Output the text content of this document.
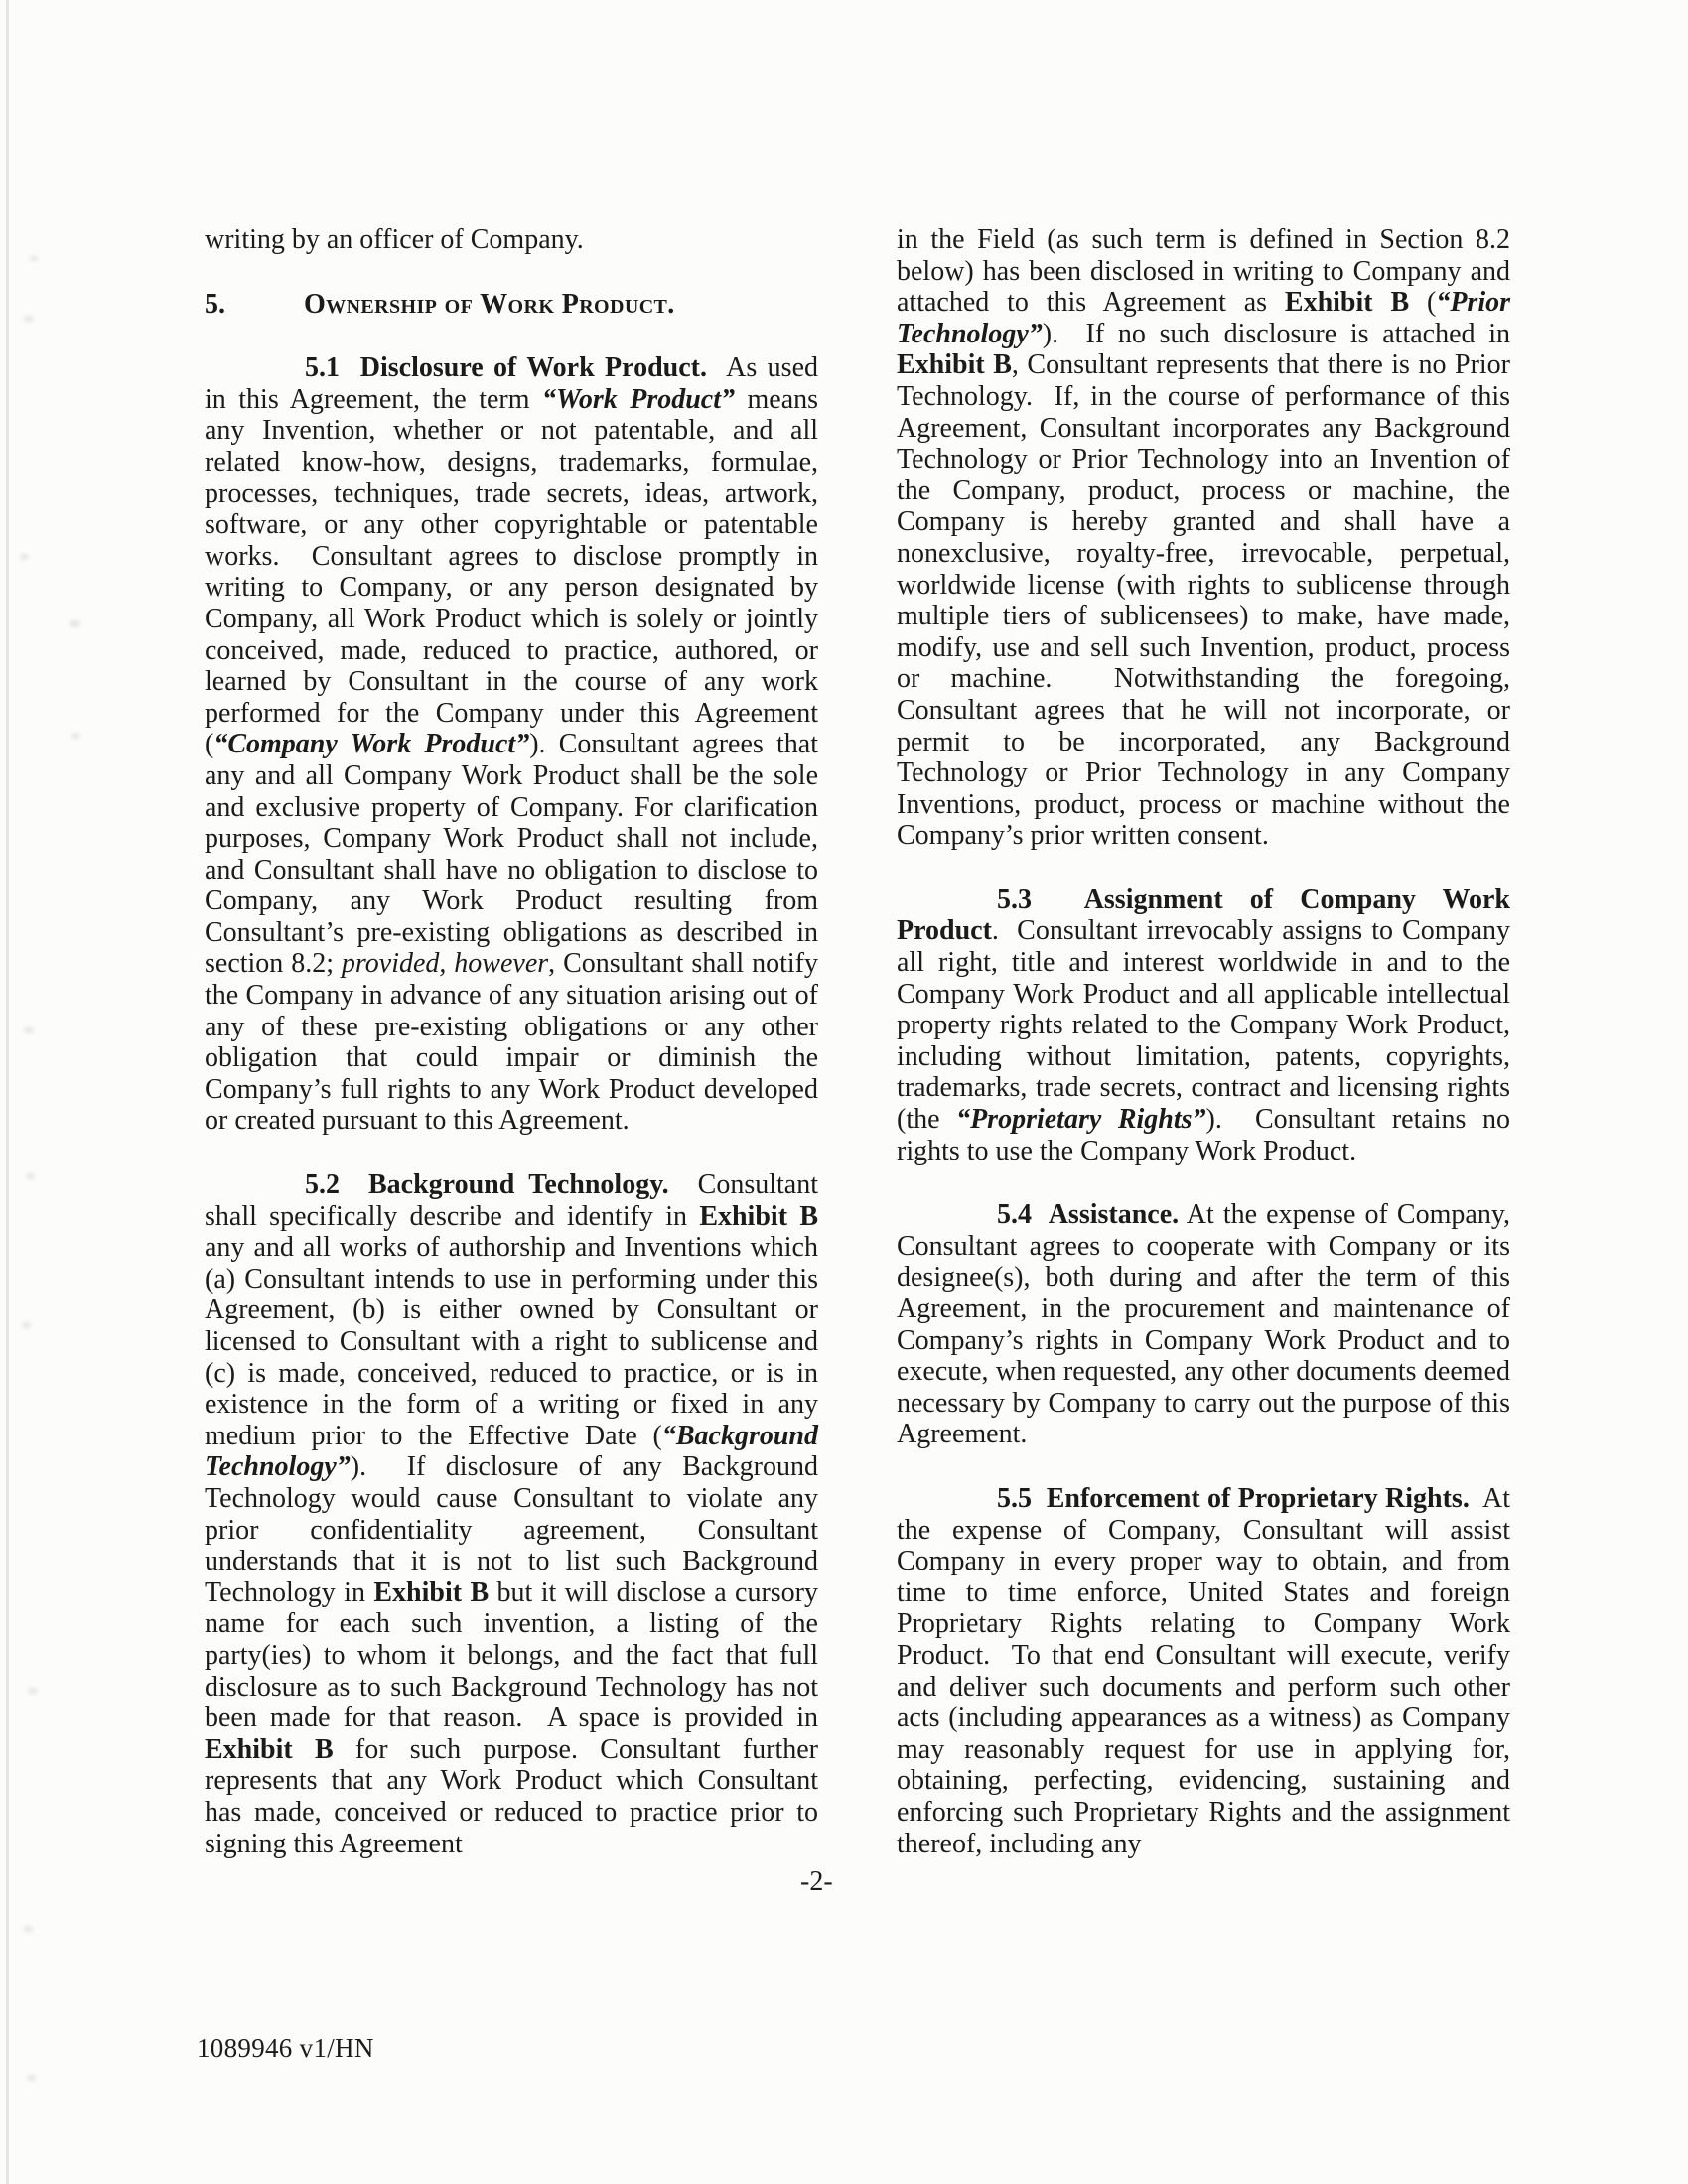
writing by an officer of Company.

5.	Ownership of Work Product.

5.1  Disclosure of Work Product.  As used in this Agreement, the term “Work Product” means any Invention, whether or not patentable, and all related know-how, designs, trademarks, formulae, processes, techniques, trade secrets, ideas, artwork, software, or any other copyrightable or patentable works.  Consultant agrees to disclose promptly in writing to Company, or any person designated by Company, all Work Product which is solely or jointly conceived, made, reduced to practice, authored, or learned by Consultant in the course of any work performed for the Company under this Agreement (“Company Work Product”). Consultant agrees that any and all Company Work Product shall be the sole and exclusive property of Company. For clarification purposes, Company Work Product shall not include, and Consultant shall have no obligation to disclose to Company, any Work Product resulting from Consultant’s pre-existing obligations as described in section 8.2; provided, however, Consultant shall notify the Company in advance of any situation arising out of any of these pre-existing obligations or any other obligation that could impair or diminish the Company’s full rights to any Work Product developed or created pursuant to this Agreement.

5.2  Background Technology.  Consultant shall specifically describe and identify in Exhibit B any and all works of authorship and Inventions which (a) Consultant intends to use in performing under this Agreement, (b) is either owned by Consultant or licensed to Consultant with a right to sublicense and (c) is made, conceived, reduced to practice, or is in existence in the form of a writing or fixed in any medium prior to the Effective Date (“Background Technology”).  If disclosure of any Background Technology would cause Consultant to violate any prior confidentiality agreement, Consultant understands that it is not to list such Background Technology in Exhibit B but it will disclose a cursory name for each such invention, a listing of the party(ies) to whom it belongs, and the fact that full disclosure as to such Background Technology has not been made for that reason.  A space is provided in Exhibit B for such purpose. Consultant further represents that any Work Product which Consultant has made, conceived or reduced to practice prior to signing this Agreement

in the Field (as such term is defined in Section 8.2 below) has been disclosed in writing to Company and attached to this Agreement as Exhibit B (“Prior Technology”).  If no such disclosure is attached in Exhibit B, Consultant represents that there is no Prior Technology.  If, in the course of performance of this Agreement, Consultant incorporates any Background Technology or Prior Technology into an Invention of the Company, product, process or machine, the Company is hereby granted and shall have a nonexclusive, royalty-free, irrevocable, perpetual, worldwide license (with rights to sublicense through multiple tiers of sublicensees) to make, have made, modify, use and sell such Invention, product, process or machine.  Notwithstanding the foregoing, Consultant agrees that he will not incorporate, or permit to be incorporated, any Background Technology or Prior Technology in any Company Inventions, product, process or machine without the Company’s prior written consent.

5.3  Assignment of Company Work Product.  Consultant irrevocably assigns to Company all right, title and interest worldwide in and to the Company Work Product and all applicable intellectual property rights related to the Company Work Product, including without limitation, patents, copyrights, trademarks, trade secrets, contract and licensing rights (the “Proprietary Rights”).  Consultant retains no rights to use the Company Work Product.

5.4  Assistance. At the expense of Company, Consultant agrees to cooperate with Company or its designee(s), both during and after the term of this Agreement, in the procurement and maintenance of Company’s rights in Company Work Product and to execute, when requested, any other documents deemed necessary by Company to carry out the purpose of this Agreement.

5.5  Enforcement of Proprietary Rights.  At the expense of Company, Consultant will assist Company in every proper way to obtain, and from time to time enforce, United States and foreign Proprietary Rights relating to Company Work Product.  To that end Consultant will execute, verify and deliver such documents and perform such other acts (including appearances as a witness) as Company may reasonably request for use in applying for, obtaining, perfecting, evidencing, sustaining and enforcing such Proprietary Rights and the assignment thereof, including any

-2-
1089946 v1/HN
